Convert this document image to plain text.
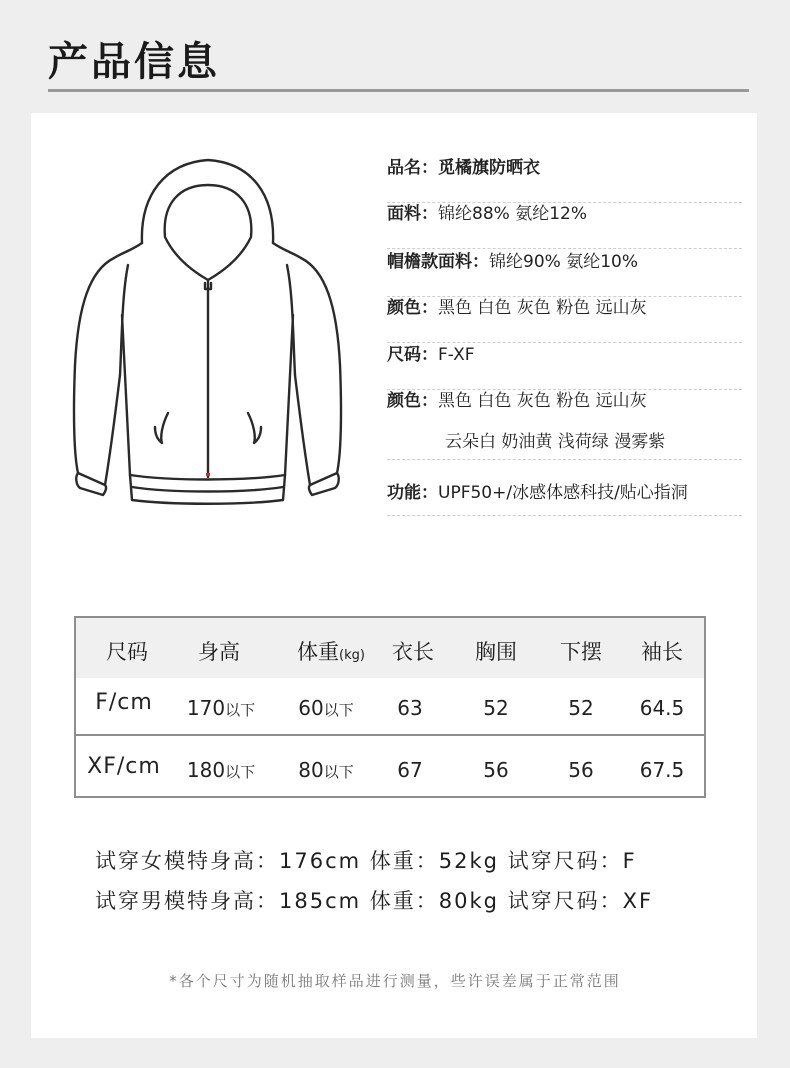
产品信息
品名：觅橘旗防晒衣
面料：锦纶88% 氨纶12%
帽檐款面料：锦纶90% 氨纶10%
颜色：黑色 白色 灰色 粉色 远山灰
尺码：F-XF
颜色：黑色 白色 灰色 粉色 远山灰
云朵白 奶油黄 浅荷绿 漫雾紫
功能：UPF50+/冰感体感科技/贴心指洞
尺码 身高	体重(kg) 衣长 胸围 下摆 袖长
F/cm 170以下 60以下 63	52	52 64.5
XF/cm 180以下 80以下 67	56	56 67.5
试穿女模特身高：176cm 体重：52kg 试穿尺码：F
试穿男模特身高：185cm 体重：80kg 试穿尺码：XF
*各个尺寸为随机抽取样品进行测量，些许误差属于正常范围
